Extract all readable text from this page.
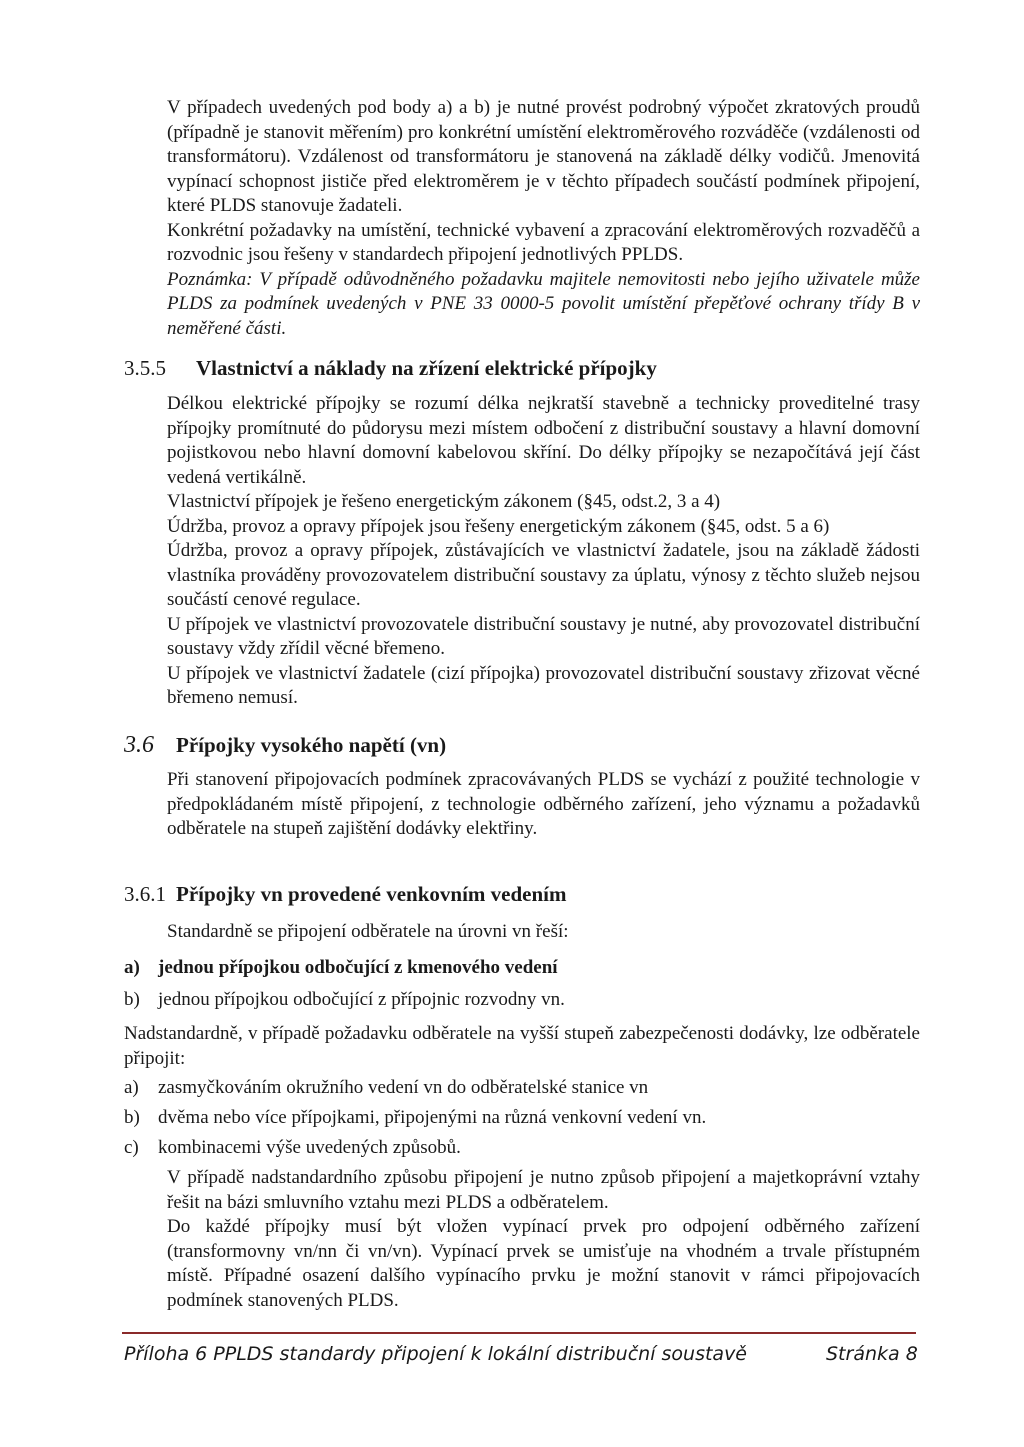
V případech uvedených pod body a) a b) je nutné provést podrobný výpočet zkratových proudů (případně je stanovit měřením) pro konkrétní umístění elektroměrového rozváděče (vzdálenosti od transformátoru). Vzdálenost od transformátoru je stanovená na základě délky vodičů. Jmenovitá vypínací schopnost jističe před elektroměrem je v těchto případech součástí podmínek připojení, které PLDS stanovuje žadateli.

Konkrétní požadavky na umístění, technické vybavení a zpracování elektroměrových rozvaděčů a rozvodnic jsou řešeny v standardech připojení jednotlivých PPLDS.

Poznámka: V případě odůvodněného požadavku majitele nemovitosti nebo jejího uživatele může PLDS za podmínek uvedených v PNE 33 0000-5 povolit umístění přepěťové ochrany třídy B v neměřené části.

3.5.5 Vlastnictví a náklady na zřízení elektrické přípojky

Délkou elektrické přípojky se rozumí délka nejkratší stavebně a technicky proveditelné trasy přípojky promítnuté do půdorysu mezi místem odbočení z distribuční soustavy a hlavní domovní pojistkovou nebo hlavní domovní kabelovou skříní. Do délky přípojky se nezapočítává její část vedená vertikálně.

Vlastnictví přípojek je řešeno energetickým zákonem (§45, odst.2, 3 a 4)

Údržba, provoz a opravy přípojek jsou řešeny energetickým zákonem (§45, odst. 5 a 6)

Údržba, provoz a opravy přípojek, zůstávajících ve vlastnictví žadatele, jsou na základě žádosti vlastníka prováděny provozovatelem distribuční soustavy za úplatu, výnosy z těchto služeb nejsou součástí cenové regulace.

U přípojek ve vlastnictví provozovatele distribuční soustavy je nutné, aby provozovatel distribuční soustavy vždy zřídil věcné břemeno.

U přípojek ve vlastnictví žadatele (cizí přípojka) provozovatel distribuční soustavy zřizovat věcné břemeno nemusí.

3.6 Přípojky vysokého napětí (vn)

Při stanovení připojovacích podmínek zpracovávaných PLDS se vychází z použité technologie v předpokládaném místě připojení, z technologie odběrného zařízení, jeho významu a požadavků odběratele na stupeň zajištění dodávky elektřiny.

3.6.1 Přípojky vn provedené venkovním vedením

Standardně se připojení odběratele na úrovni vn řeší:

a) jednou přípojkou odbočující z kmenového vedení
b) jednou přípojkou odbočující z přípojnic rozvodny vn.

Nadstandardně, v případě požadavku odběratele na vyšší stupeň zabezpečenosti dodávky, lze odběratele připojit:

a)	zasmyčkováním okružního vedení vn do odběratelské stanice vn
b) dvěma nebo více přípojkami, připojenými na různá venkovní vedení vn.
c)	kombinacemi výše uvedených způsobů.

V případě nadstandardního způsobu připojení je nutno způsob připojení a majetkoprávní vztahy řešit na bázi smluvního vztahu mezi PLDS a odběratelem.

Do každé přípojky musí být vložen vypínací prvek pro odpojení odběrného zařízení (transformovny vn/nn či vn/vn). Vypínací prvek se umisťuje na vhodném a trvale přístupném místě. Případné osazení dalšího vypínacího prvku je možní stanovit v rámci připojovacích podmínek stanovených PLDS.

Příloha 6 PPLDS standardy připojení k lokální distribuční soustavě	Stránka 8
